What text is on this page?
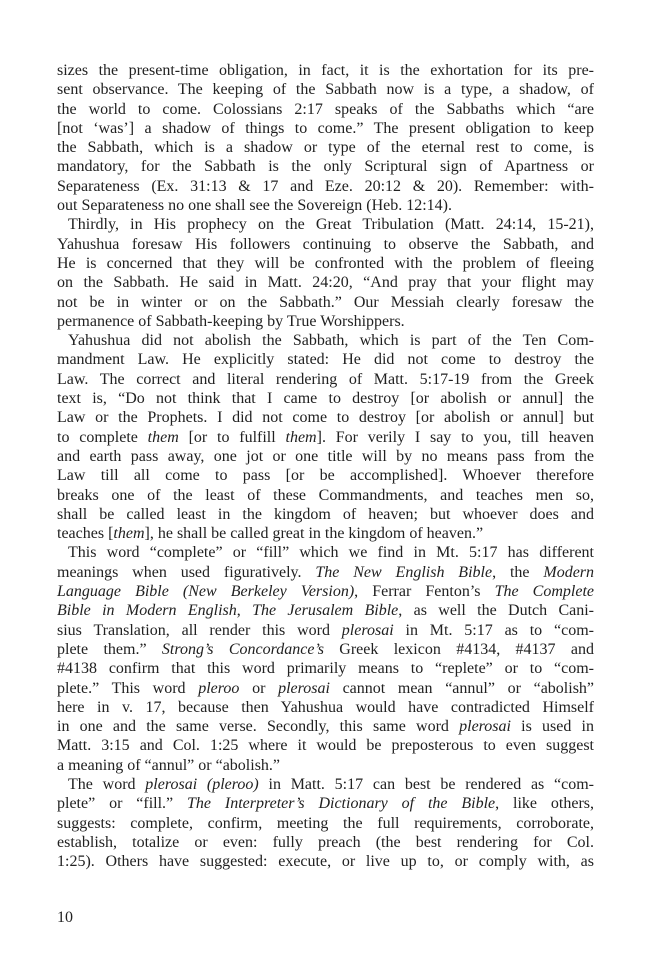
sizes the present-time obligation, in fact, it is the exhortation for its pre-
sent observance. The keeping of the Sabbath now is a type, a shadow, of
the world to come. Colossians 2:17 speaks of the Sabbaths which “are
[not ‘was’] a shadow of things to come.” The present obligation to keep
the Sabbath, which is a shadow or type of the eternal rest to come, is
mandatory, for the Sabbath is the only Scriptural sign of Apartness or
Separateness (Ex. 31:13 & 17 and Eze. 20:12 & 20). Remember: with-
out Separateness no one shall see the Sovereign (Heb. 12:14).
Thirdly, in His prophecy on the Great Tribulation (Matt. 24:14, 15-21),
Yahushua foresaw His followers continuing to observe the Sabbath, and
He is concerned that they will be confronted with the problem of fleeing
on the Sabbath. He said in Matt. 24:20, “And pray that your flight may
not be in winter or on the Sabbath.” Our Messiah clearly foresaw the
permanence of Sabbath-keeping by True Worshippers.
Yahushua did not abolish the Sabbath, which is part of the Ten Com-
mandment Law. He explicitly stated: He did not come to destroy the
Law. The correct and literal rendering of Matt. 5:17-19 from the Greek
text is, “Do not think that I came to destroy [or abolish or annul] the
Law or the Prophets. I did not come to destroy [or abolish or annul] but
to complete them [or to fulfill them]. For verily I say to you, till heaven
and earth pass away, one jot or one title will by no means pass from the
Law till all come to pass [or be accomplished]. Whoever therefore
breaks one of the least of these Commandments, and teaches men so,
shall be called least in the kingdom of heaven; but whoever does and
teaches [them], he shall be called great in the kingdom of heaven.”
This word “complete” or “fill” which we find in Mt. 5:17 has different
meanings when used figuratively. The New English Bible, the Modern
Language Bible (New Berkeley Version), Ferrar Fenton’s The Complete
Bible in Modern English, The Jerusalem Bible, as well the Dutch Cani-
sius Translation, all render this word plerosai in Mt. 5:17 as to “com-
plete them.” Strong’s Concordance’s Greek lexicon #4134, #4137 and
#4138 confirm that this word primarily means to “replete” or to “com-
plete.” This word pleroo or plerosai cannot mean “annul” or “abolish”
here in v. 17, because then Yahushua would have contradicted Himself
in one and the same verse. Secondly, this same word plerosai is used in
Matt. 3:15 and Col. 1:25 where it would be preposterous to even suggest
a meaning of “annul” or “abolish.”
The word plerosai (pleroo) in Matt. 5:17 can best be rendered as “com-
plete” or “fill.” The Interpreter’s Dictionary of the Bible, like others,
suggests: complete, confirm, meeting the full requirements, corroborate,
establish, totalize or even: fully preach (the best rendering for Col.
1:25). Others have suggested: execute, or live up to, or comply with, as
10
